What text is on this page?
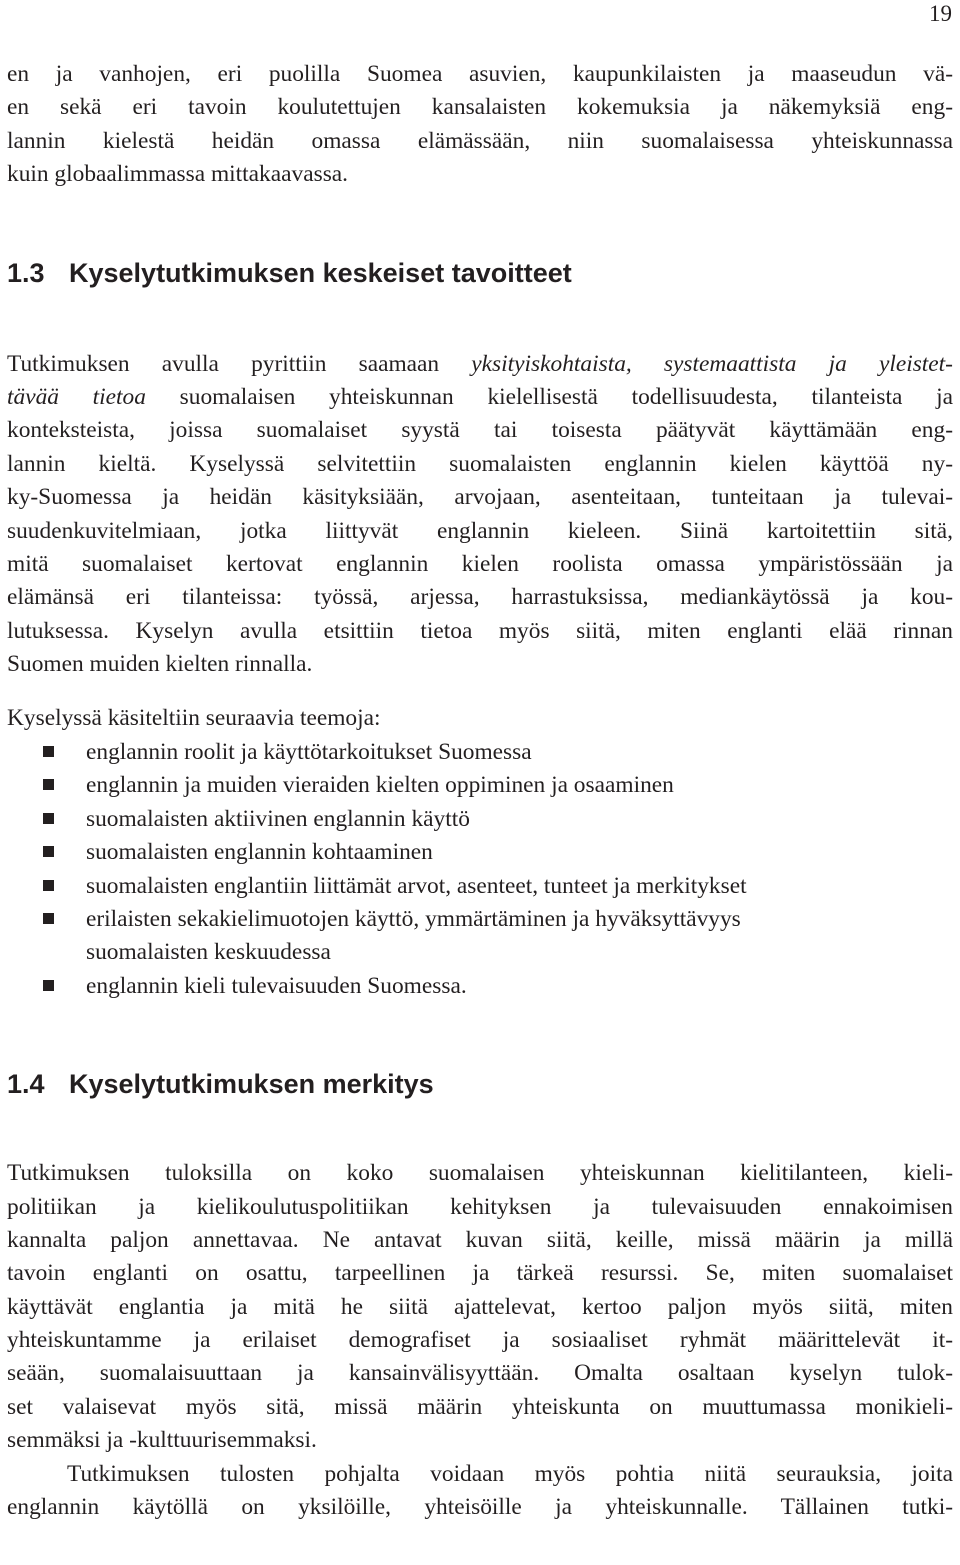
19
en ja vanhojen, eri puolilla Suomea asuvien, kaupunkilaisten ja maaseudun vä-
en sekä eri tavoin koulutettujen kansalaisten kokemuksia ja näkemyksiä eng-
lannin kielestä heidän omassa elämässään, niin suomalaisessa yhteiskunnassa
kuin globaalimmassa mittakaavassa.
1.3 Kyselytutkimuksen keskeiset tavoitteet
Tutkimuksen avulla pyrittiin saamaan yksityiskohtaista, systemaattista ja yleistet-
tävää tietoa suomalaisen yhteiskunnan kielellisestä todellisuudesta, tilanteista ja
konteksteista, joissa suomalaiset syystä tai toisesta päätyvät käyttämään eng-
lannin kieltä. Kyselyssä selvitettiin suomalaisten englannin kielen käyttöä ny-
ky-Suomessa ja heidän käsityksiään, arvojaan, asenteitaan, tunteitaan ja tulevai-
suudenkuvitelmiaan, jotka liittyvät englannin kieleen. Siinä kartoitettiin sitä,
mitä suomalaiset kertovat englannin kielen roolista omassa ympäristössään ja
elämänsä eri tilanteissa: työssä, arjessa, harrastuksissa, mediankäytössä ja kou-
lutuksessa. Kyselyn avulla etsittiin tietoa myös siitä, miten englanti elää rinnan
Suomen muiden kielten rinnalla.

Kyselyssä käsiteltiin seuraavia teemoja:

englannin roolit ja käyttötarkoitukset Suomessa
englannin ja muiden vieraiden kielten oppiminen ja osaaminen
suomalaisten aktiivinen englannin käyttö
suomalaisten englannin kohtaaminen
suomalaisten englantiin liittämät arvot, asenteet, tunteet ja merkitykset
erilaisten sekakielimuotojen käyttö, ymmärtäminen ja hyväksyttävyys
suomalaisten keskuudessa
englannin kieli tulevaisuuden Suomessa.
1.4 Kyselytutkimuksen merkitys
Tutkimuksen tuloksilla on koko suomalaisen yhteiskunnan kielitilanteen, kieli-
politiikan ja kielikoulutuspolitiikan kehityksen ja tulevaisuuden ennakoimisen
kannalta paljon annettavaa. Ne antavat kuvan siitä, keille, missä määrin ja millä
tavoin englanti on osattu, tarpeellinen ja tärkeä resurssi. Se, miten suomalaiset
käyttävät englantia ja mitä he siitä ajattelevat, kertoo paljon myös siitä, miten
yhteiskuntamme ja erilaiset demografiset ja sosiaaliset ryhmät määrittelevät it-
seään, suomalaisuuttaan ja kansainvälisyyttään. Omalta osaltaan kyselyn tulok-
set valaisevat myös sitä, missä määrin yhteiskunta on muuttumassa monikieli-
semmäksi ja -kulttuurisemmaksi.
Tutkimuksen tulosten pohjalta voidaan myös pohtia niitä seurauksia, joita
englannin käytöllä on yksilöille, yhteisöille ja yhteiskunnalle. Tällainen tutki-
